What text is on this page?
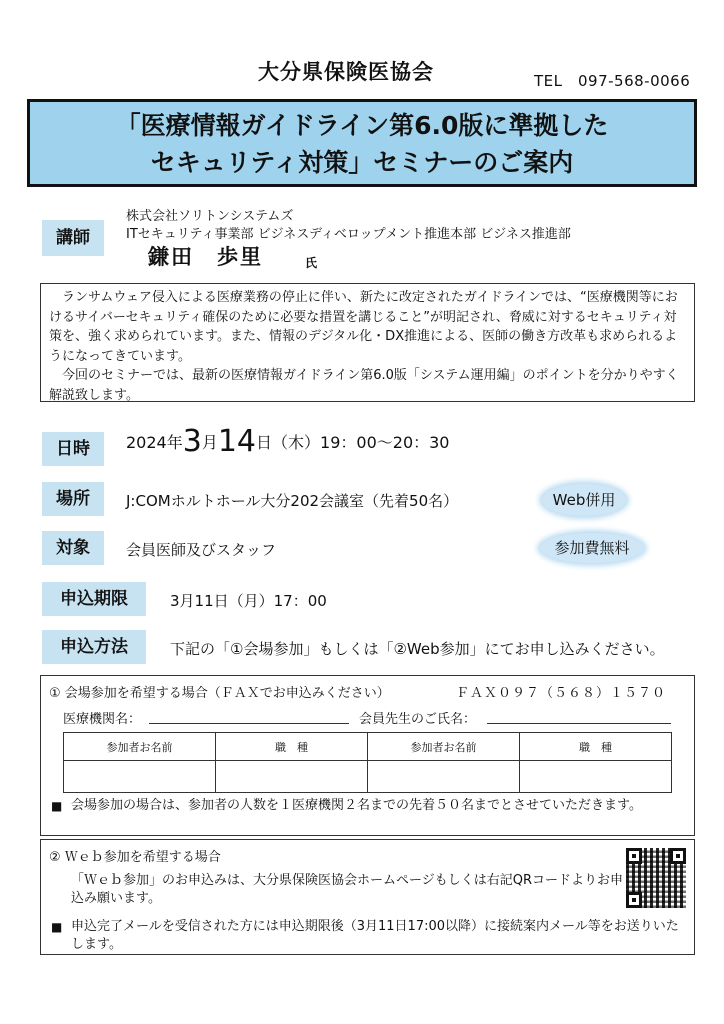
大分県保険医協会	TEL　097-568-0066
「医療情報ガイドライン第6.0版に準拠した
セキュリティ対策」セミナーのご案内
講師
株式会社ソリトンシステムズ
ITセキュリティ事業部 ビジネスディベロップメント推進本部 ビジネス推進部
鎌田　歩里	氏

ランサムウェア侵入による医療業務の停止に伴い、新たに改定されたガイドラインでは、“医療機関等におけるサイバーセキュリティ確保のために必要な措置を講じること”が明記され、脅威に対するセキュリティ対策を、強く求められています。また、情報のデジタル化・DX推進による、医師の働き方改革も求められるようになってきています。

今回のセミナーでは、最新の医療情報ガイドライン第6.0版「システム運用編」のポイントを分かりやすく解説致します。

日時	2024年3月14日（木）19：00～20：30
場所	J:COMホルトホール大分202会議室（先着50名）	Web併用
対象	会員医師及びスタッフ	参加費無料
申込期限	3月11日（月）17：00
申込方法	下記の「①会場参加」もしくは「②Web参加」にてお申し込みください。
① 会場参加を希望する場合（ＦＡＸでお申込みください）	ＦＡＸ０９７（５６８）１５７０
医療機関名：	会員先生のご氏名：
参加者お名前	職　種	参加者お名前	職　種

■ 会場参加の場合は、参加者の人数を１医療機関２名までの先着５０名までとさせていただきます。
② Ｗｅｂ参加を希望する場合
「Ｗｅｂ参加」のお申込みは、大分県保険医協会ホームページもしくは右記QRコードよりお申込み願います。
■ 申込完了メールを受信された方には申込期限後（3月11日17:00以降）に接続案内メール等をお送りいたします。
